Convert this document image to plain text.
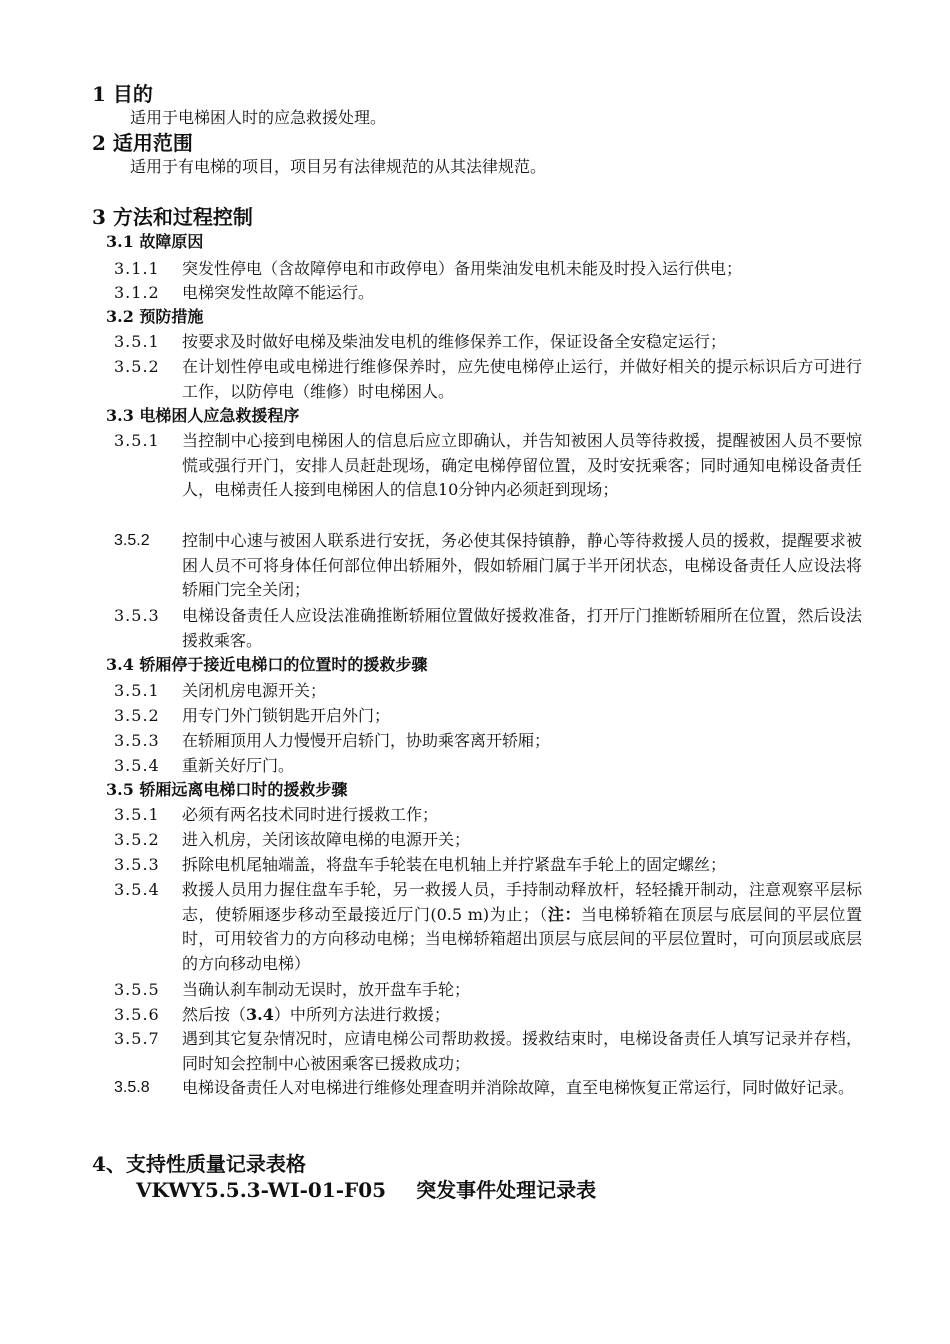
1 目的
适用于电梯困人时的应急救援处理。
2 适用范围
适用于有电梯的项目，项目另有法律规范的从其法律规范。
3 方法和过程控制
3.1 故障原因
3.1.1	突发性停电（含故障停电和市政停电）备用柴油发电机未能及时投入运行供电；
3.1.2	电梯突发性故障不能运行。
3.2 预防措施
3.5.1	按要求及时做好电梯及柴油发电机的维修保养工作，保证设备全安稳定运行；
3.5.2	在计划性停电或电梯进行维修保养时，应先使电梯停止运行，并做好相关的提示标识后方可进行工作，以防停电（维修）时电梯困人。
3.3 电梯困人应急救援程序
3.5.1	当控制中心接到电梯困人的信息后应立即确认，并告知被困人员等待救援，提醒被困人员不要惊慌或强行开门，安排人员赶赴现场，确定电梯停留位置，及时安抚乘客；同时通知电梯设备责任人，电梯责任人接到电梯困人的信息10分钟内必须赶到现场；
3.5.2	控制中心速与被困人联系进行安抚，务必使其保持镇静，静心等待救援人员的援救，提醒要求被困人员不可将身体任何部位伸出轿厢外，假如轿厢门属于半开闭状态，电梯设备责任人应设法将轿厢门完全关闭；
3.5.3	电梯设备责任人应设法准确推断轿厢位置做好援救准备，打开厅门推断轿厢所在位置，然后设法援救乘客。
3.4 轿厢停于接近电梯口的位置时的援救步骤
3.5.1	关闭机房电源开关；
3.5.2	用专门外门锁钥匙开启外门；
3.5.3	在轿厢顶用人力慢慢开启轿门，协助乘客离开轿厢；
3.5.4	重新关好厅门。
3.5 轿厢远离电梯口时的援救步骤
3.5.1	必须有两名技术同时进行援救工作；
3.5.2	进入机房，关闭该故障电梯的电源开关；
3.5.3	拆除电机尾轴端盖，将盘车手轮装在电机轴上并拧紧盘车手轮上的固定螺丝；
3.5.4	救援人员用力握住盘车手轮，另一救援人员，手持制动释放杆，轻轻撬开制动，注意观察平层标志，使轿厢逐步移动至最接近厅门(0.5 m)为止；（注：当电梯轿箱在顶层与底层间的平层位置时，可用较省力的方向移动电梯；当电梯轿箱超出顶层与底层间的平层位置时，可向顶层或底层的方向移动电梯）
3.5.5	当确认刹车制动无误时，放开盘车手轮；
3.5.6	然后按（3.4）中所列方法进行救援；
3.5.7	遇到其它复杂情况时，应请电梯公司帮助救援。援救结束时，电梯设备责任人填写记录并存档，同时知会控制中心被困乘客已援救成功；
3.5.8	电梯设备责任人对电梯进行维修处理查明并消除故障，直至电梯恢复正常运行，同时做好记录。
4、支持性质量记录表格
VKWY5.5.3-WI-01-F05 突发事件处理记录表
